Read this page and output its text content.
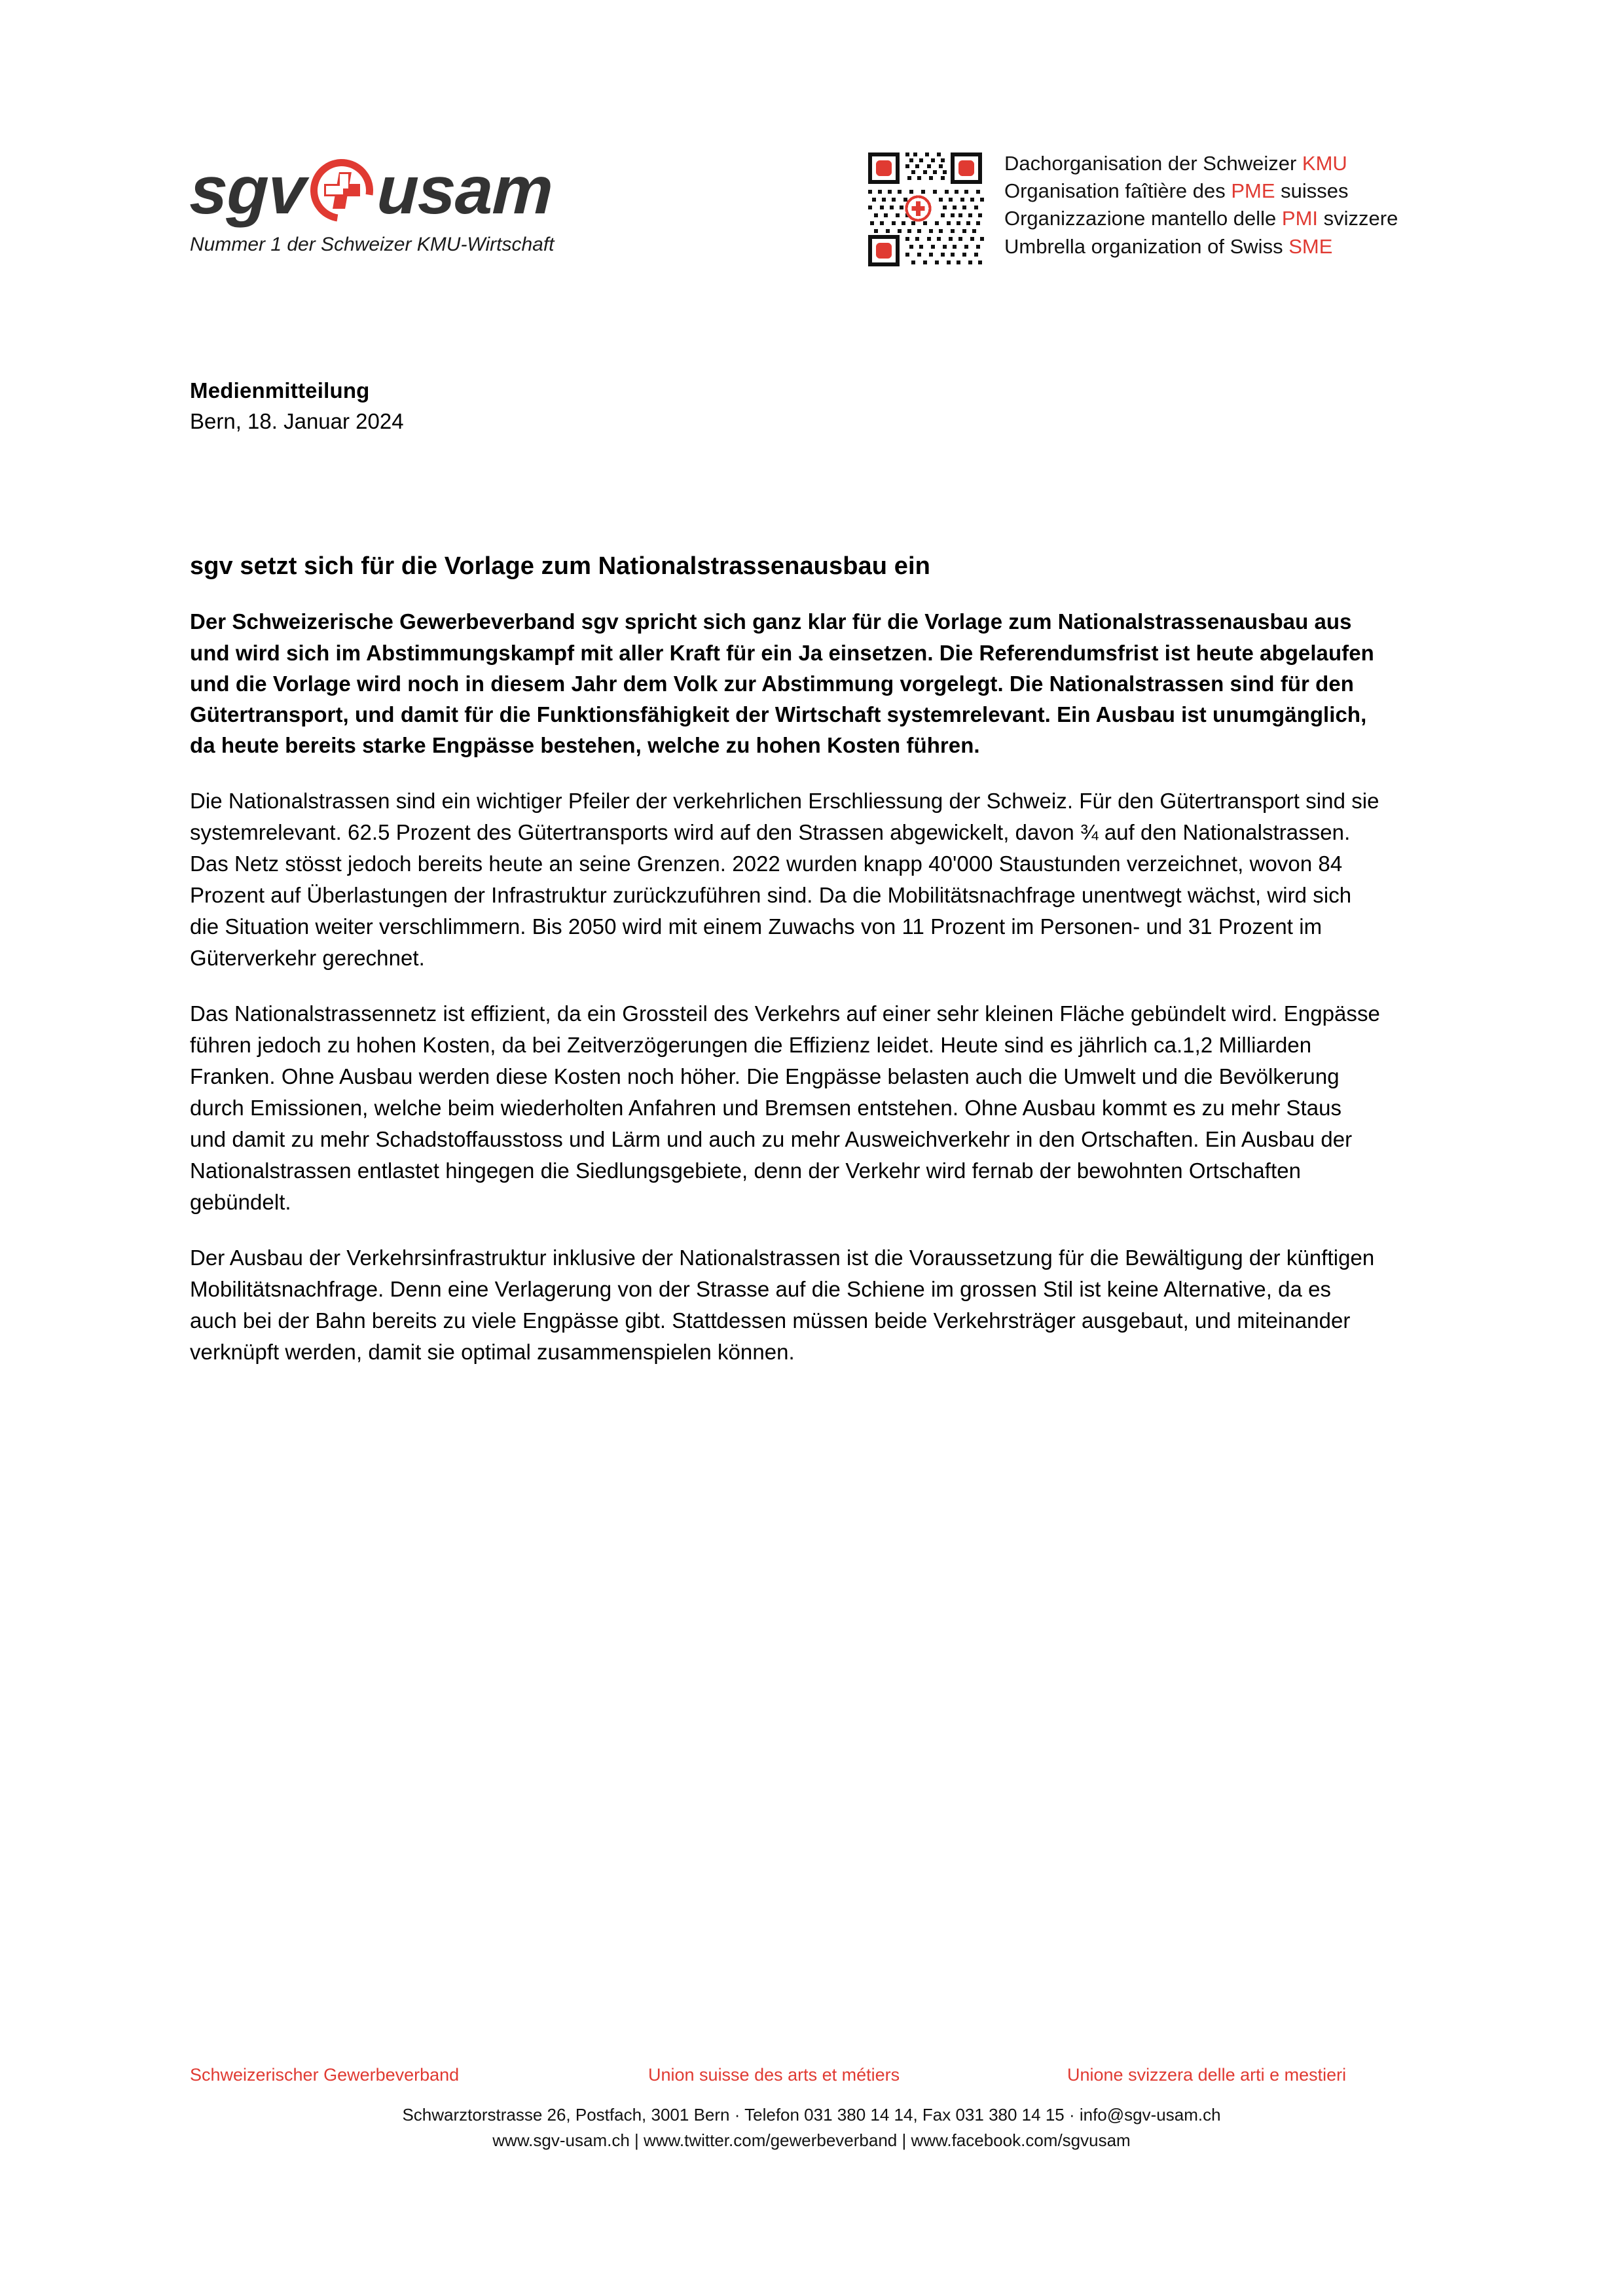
sgv usam
Nummer 1 der Schweizer KMU-Wirtschaft
Dachorganisation der Schweizer KMU
Organisation faîtière des PME suisses
Organizzazione mantello delle PMI svizzere
Umbrella organization of Swiss SME
Medienmitteilung
Bern, 18. Januar 2024
sgv setzt sich für die Vorlage zum Nationalstrassenausbau ein

Der Schweizerische Gewerbeverband sgv spricht sich ganz klar für die Vorlage zum Nationalstrassenausbau aus und wird sich im Abstimmungskampf mit aller Kraft für ein Ja einsetzen. Die Referendumsfrist ist heute abgelaufen und die Vorlage wird noch in diesem Jahr dem Volk zur Abstimmung vorgelegt. Die Nationalstrassen sind für den Gütertransport, und damit für die Funktionsfähigkeit der Wirtschaft systemrelevant. Ein Ausbau ist unumgänglich, da heute bereits starke Engpässe bestehen, welche zu hohen Kosten führen.

Die Nationalstrassen sind ein wichtiger Pfeiler der verkehrlichen Erschliessung der Schweiz. Für den Gütertransport sind sie systemrelevant. 62.5 Prozent des Gütertransports wird auf den Strassen abgewickelt, davon ¾ auf den Nationalstrassen. Das Netz stösst jedoch bereits heute an seine Grenzen. 2022 wurden knapp 40'000 Staustunden verzeichnet, wovon 84 Prozent auf Überlastungen der Infrastruktur zurückzuführen sind. Da die Mobilitätsnachfrage unentwegt wächst, wird sich die Situation weiter verschlimmern. Bis 2050 wird mit einem Zuwachs von 11 Prozent im Personen- und 31 Prozent im Güterverkehr gerechnet.

Das Nationalstrassennetz ist effizient, da ein Grossteil des Verkehrs auf einer sehr kleinen Fläche gebündelt wird. Engpässe führen jedoch zu hohen Kosten, da bei Zeitverzögerungen die Effizienz leidet. Heute sind es jährlich ca.1,2 Milliarden Franken. Ohne Ausbau werden diese Kosten noch höher. Die Engpässe belasten auch die Umwelt und die Bevölkerung durch Emissionen, welche beim wiederholten Anfahren und Bremsen entstehen. Ohne Ausbau kommt es zu mehr Staus und damit zu mehr Schadstoffausstoss und Lärm und auch zu mehr Ausweichverkehr in den Ortschaften. Ein Ausbau der Nationalstrassen entlastet hingegen die Siedlungsgebiete, denn der Verkehr wird fernab der bewohnten Ortschaften gebündelt.

Der Ausbau der Verkehrsinfrastruktur inklusive der Nationalstrassen ist die Voraussetzung für die Bewältigung der künftigen Mobilitätsnachfrage. Denn eine Verlagerung von der Strasse auf die Schiene im grossen Stil ist keine Alternative, da es auch bei der Bahn bereits zu viele Engpässe gibt. Stattdessen müssen beide Verkehrsträger ausgebaut, und miteinander verknüpft werden, damit sie optimal zusammenspielen können.

Schweizerischer Gewerbeverband	Union suisse des arts et métiers	Unione svizzera delle arti e mestieri
Schwarztorstrasse 26, Postfach, 3001 Bern · Telefon 031 380 14 14, Fax 031 380 14 15 · info@sgv-usam.ch
www.sgv-usam.ch | www.twitter.com/gewerbeverband | www.facebook.com/sgvusam
